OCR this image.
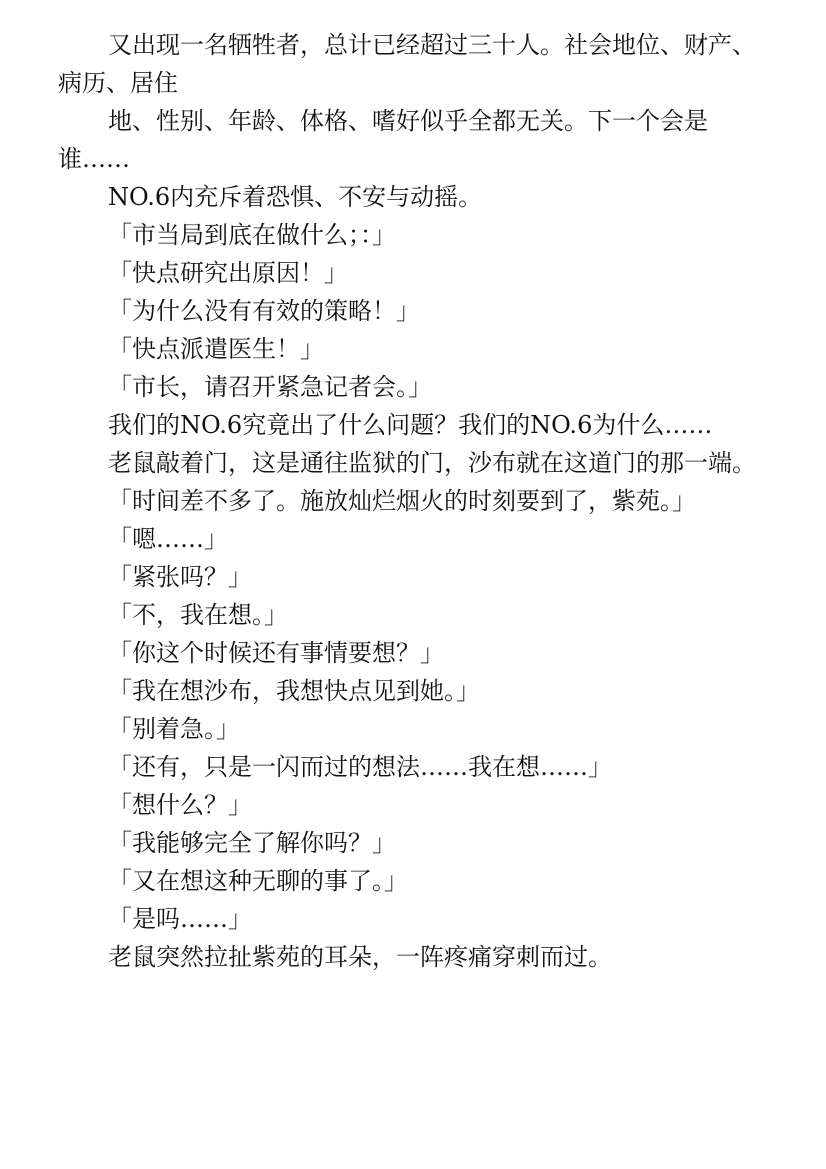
又出现一名牺牲者，总计已经超过三十人。社会地位、财产、病历、居住

地、性别、年龄、体格、嗜好似乎全都无关。下一个会是谁……

NO.6内充斥着恐惧、不安与动摇。

「市当局到底在做什么；：」

「快点研究出原因！」

「为什么没有有效的策略！」

「快点派遣医生！」

「市长，请召开紧急记者会。」

我们的NO.6究竟出了什么问题？我们的NO.6为什么……

老鼠敲着门，这是通往监狱的门，沙布就在这道门的那一端。

「时间差不多了。施放灿烂烟火的时刻要到了，紫苑。」

「嗯……」

「紧张吗？」

「不，我在想。」

「你这个时候还有事情要想？」

「我在想沙布，我想快点见到她。」

「别着急。」

「还有，只是一闪而过的想法……我在想……」

「想什么？」

「我能够完全了解你吗？」

「又在想这种无聊的事了。」

「是吗……」

老鼠突然拉扯紫苑的耳朵，一阵疼痛穿刺而过。
